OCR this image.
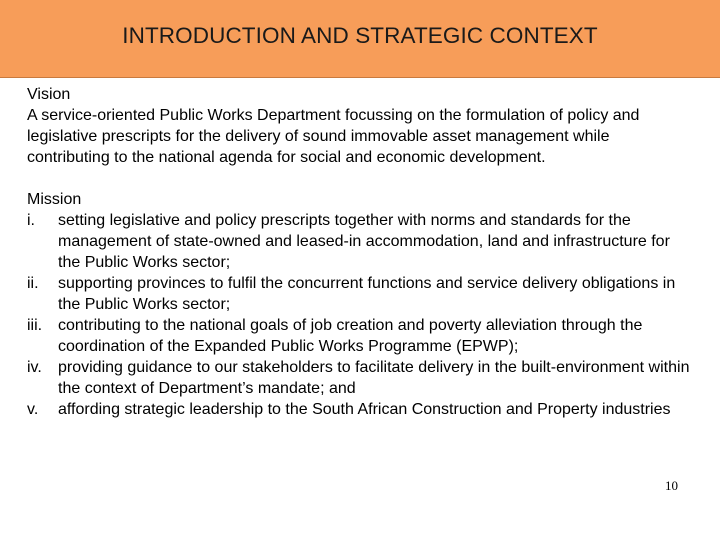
INTRODUCTION AND STRATEGIC CONTEXT

Vision

A service-oriented Public Works Department focussing on the formulation of policy and legislative prescripts for the delivery of sound immovable asset management while contributing to the national agenda for social and economic development.

Mission

i.	setting legislative and policy prescripts together with norms and standards for the management of state-owned and leased-in accommodation, land and infrastructure for the Public Works sector;
ii.	supporting provinces to fulfil the concurrent functions and service delivery obligations in the Public Works sector;
iii. contributing to the national goals of job creation and poverty alleviation through the coordination of the Expanded Public Works Programme (EPWP);
iv.	providing guidance to our stakeholders to facilitate delivery in the built-environment within the context of Department’s mandate; and
v.	affording strategic leadership to the South African Construction and Property industries
10
